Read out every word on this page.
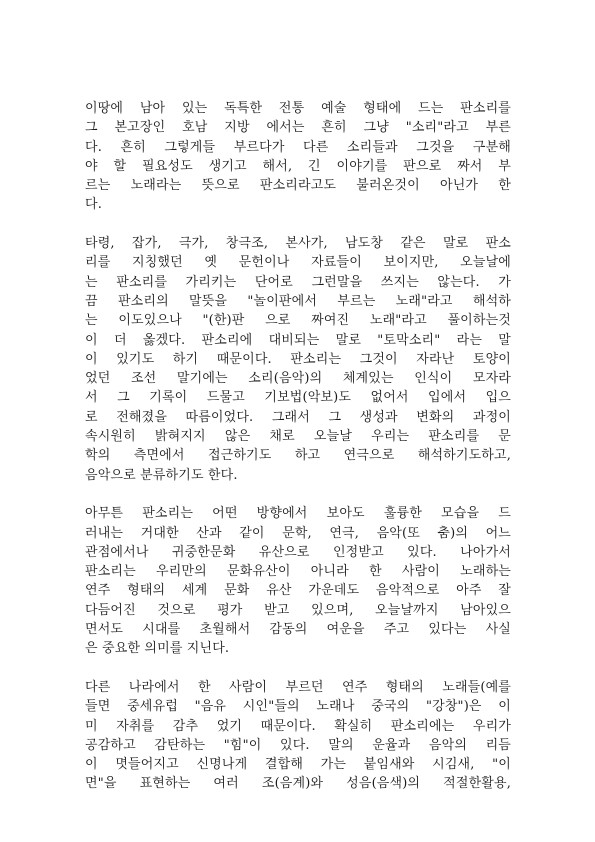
이땅에 남아 있는 독특한 전통 예술 형태에 드는 판소리를
그 본고장인 호남 지방 에서는 흔히 그냥 "소리"라고 부른
다. 흔히 그렇게들 부르다가 다른 소리들과 그것을 구분해
야 할 필요성도 생기고 해서, 긴 이야기를 판으로 짜서 부
르는 노래라는 뜻으로 판소리라고도 불러온것이 아닌가 한
다.
타령, 잡가, 극가, 창극조, 본사가, 남도창 같은 말로 판소
리를 지칭했던 옛 문헌이나 자료들이 보이지만, 오늘날에
는 판소리를 가리키는 단어로 그런말을 쓰지는 않는다. 가
끔 판소리의 말뜻을 "놀이판에서 부르는 노래"라고 해석하
는 이도있으나 "(한)판 으로 짜여진 노래"라고 풀이하는것
이 더 옳겠다. 판소리에 대비되는 말로 "토막소리" 라는 말
이 있기도 하기 때문이다. 판소리는 그것이 자라난 토양이
었던 조선 말기에는 소리(음악)의 체계있는 인식이 모자라
서 그 기록이 드물고 기보법(악보)도 없어서 입에서 입으
로 전해졌을 따름이었다. 그래서 그 생성과 변화의 과정이
속시원히 밝혀지지 않은 채로 오늘날 우리는 판소리를 문
학의 측면에서 접근하기도 하고 연극으로 해석하기도하고,
음악으로 분류하기도 한다.
아무튼 판소리는 어떤 방향에서 보아도 훌륭한 모습을 드
러내는 거대한 산과 같이 문학, 연극, 음악(또 춤)의 어느
관점에서나 귀중한문화 유산으로 인정받고 있다. 나아가서
판소리는 우리만의 문화유산이 아니라 한 사람이 노래하는
연주 형태의 세계 문화 유산 가운데도 음악적으로 아주 잘
다듬어진 것으로 평가 받고 있으며, 오늘날까지 남아있으
면서도 시대를 초월해서 감동의 여운을 주고 있다는 사실
은 중요한 의미를 지닌다.
다른 나라에서 한 사람이 부르던 연주 형태의 노래들(예를
들면 중세유럽 "음유 시인"들의 노래나 중국의 "강창")은 이
미 자취를 감추 었기 때문이다. 확실히 판소리에는 우리가
공감하고 감탄하는 "힘"이 있다. 말의 운율과 음악의 리듬
이 몃들어지고 신명나게 결합해 가는 붙임새와 시김새, "이
면"을 표현하는 여러 조(음계)와 성음(음색)의 적절한활용,
